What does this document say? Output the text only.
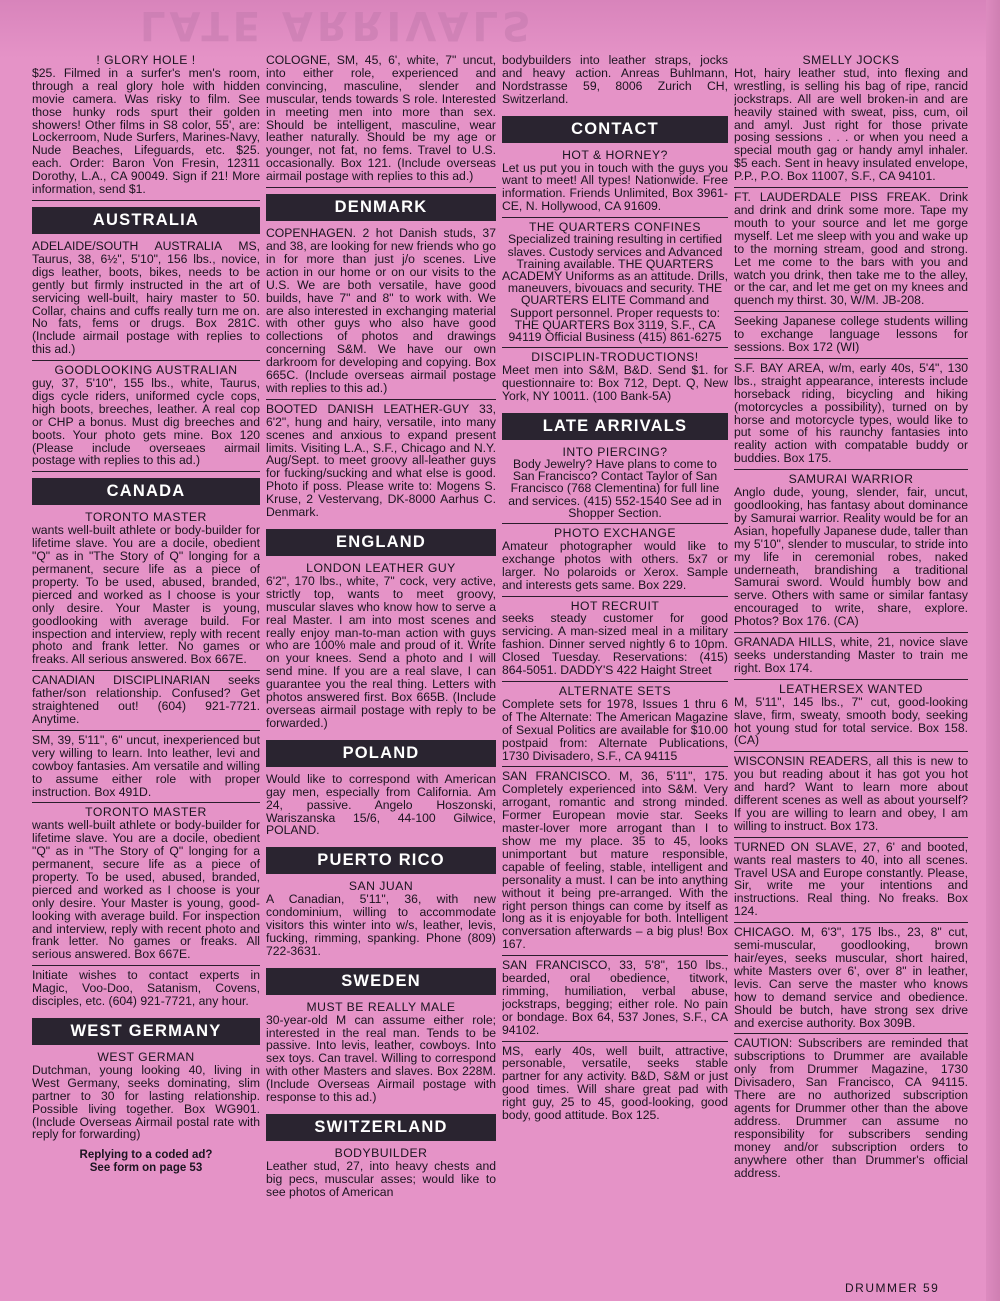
LATE ARRIVALS
! GLORY HOLE !
$25. Filmed in a surfer's men's room, through a real glory hole with hidden movie camera. Was risky to film. See those hunky rods spurt their golden showers! Other films in S8 color, 55', are: Lockerroom, Nude Surfers, Marines-Navy, Nude Beaches, Lifeguards, etc. $25. each. Order: Baron Von Fresin, 12311 Dorothy, L.A., CA 90049. Sign if 21! More information, send $1.
AUSTRALIA
ADELAIDE/SOUTH AUSTRALIA MS, Taurus, 38, 6½", 5'10", 156 lbs., novice, digs leather, boots, bikes, needs to be gently but firmly instructed in the art of servicing well-built, hairy master to 50. Collar, chains and cuffs really turn me on. No fats, fems or drugs. Box 281C. (Include airmail postage with replies to this ad.)
GOODLOOKING AUSTRALIAN
guy, 37, 5'10", 155 lbs., white, Taurus, digs cycle riders, uniformed cycle cops, high boots, breeches, leather. A real cop or CHP a bonus. Must dig breeches and boots. Your photo gets mine. Box 120 (Please include overseaes airmail postage with replies to this ad.)
CANADA
TORONTO MASTER
wants well-built athlete or body-builder for lifetime slave. You are a docile, obedient "Q" as in "The Story of Q" longing for a permanent, secure life as a piece of property. To be used, abused, branded, pierced and worked as I choose is your only desire. Your Master is young, goodlooking with average build. For inspection and interview, reply with recent photo and frank letter. No games or freaks. All serious answered. Box 667E.
CANADIAN DISCIPLINARIAN seeks father/son relationship. Confused? Get straightened out! (604) 921-7721. Anytime.
SM, 39, 5'11", 6" uncut, inexperienced but very willing to learn. Into leather, levi and cowboy fantasies. Am versatile and willing to assume either role with proper instruction. Box 491D.
TORONTO MASTER
wants well-built athlete or body-builder for lifetime slave. You are a docile, obedient "Q" as in "The Story of Q" longing for a permanent, secure life as a piece of property. To be used, abused, branded, pierced and worked as I choose is your only desire. Your Master is young, good-looking with average build. For inspection and interview, reply with recent photo and frank letter. No games or freaks. All serious answered. Box 667E.
Initiate wishes to contact experts in Magic, Voo-Doo, Satanism, Covens, disciples, etc. (604) 921-7721, any hour.
WEST GERMANY
WEST GERMAN
Dutchman, young looking 40, living in West Germany, seeks dominating, slim partner to 30 for lasting relationship. Possible living together. Box WG901. (Include Overseas Airmail postal rate with reply for forwarding)
Replying to a coded ad?
See form on page 53
COLOGNE, SM, 45, 6', white, 7" uncut, into either role, experienced and convincing, masculine, slender and muscular, tends towards S role. Interested in meeting men into more than sex. Should be intelligent, masculine, wear leather naturally. Should be my age or younger, not fat, no fems. Travel to U.S. occasionally. Box 121. (Include overseas airmail postage with replies to this ad.)
DENMARK
COPENHAGEN. 2 hot Danish studs, 37 and 38, are looking for new friends who go in for more than just j/o scenes. Live action in our home or on our visits to the U.S. We are both versatile, have good builds, have 7" and 8" to work with. We are also interested in exchanging material with other guys who also have good collections of photos and drawings concerning S&M. We have our own darkroom for developing and copying. Box 665C. (Include overseas airmail postage with replies to this ad.)
BOOTED DANISH LEATHER-GUY 33, 6'2", hung and hairy, versatile, into many scenes and anxious to expand present limits. Visiting L.A., S.F., Chicago and N.Y. Aug/Sept. to meet groovy all-leather guys for fucking/sucking and what else is good. Photo if poss. Please write to: Mogens S. Kruse, 2 Vestervang, DK-8000 Aarhus C. Denmark.
ENGLAND
LONDON LEATHER GUY
6'2", 170 lbs., white, 7" cock, very active, strictly top, wants to meet groovy, muscular slaves who know how to serve a real Master. I am into most scenes and really enjoy man-to-man action with guys who are 100% male and proud of it. Write on your knees. Send a photo and I will send mine. If you are a real slave, I can guarantee you the real thing. Letters with photos answered first. Box 665B. (Include overseas airmail postage with reply to be forwarded.)
POLAND
Would like to correspond with American gay men, especially from California. Am 24, passive. Angelo Hoszonski, Wariszanska 15/6, 44-100 Gilwice, POLAND.
PUERTO RICO
SAN JUAN
A Canadian, 5'11", 36, with new condominium, willing to accommodate visitors this winter into w/s, leather, levis, fucking, rimming, spanking. Phone (809) 722-3631.
SWEDEN
MUST BE REALLY MALE
30-year-old M can assume either role; interested in the real man. Tends to be passive. Into levis, leather, cowboys. Into sex toys. Can travel. Willing to correspond with other Masters and slaves. Box 228M. (Include Overseas Airmail postage with response to this ad.)
SWITZERLAND
BODYBUILDER
Leather stud, 27, into heavy chests and big pecs, muscular asses; would like to see photos of American
bodybuilders into leather straps, jocks and heavy action. Anreas Buhlmann, Nordstrasse 59, 8006 Zurich CH, Switzerland.
CONTACT
HOT & HORNEY?
Let us put you in touch with the guys you want to meet! All types! Nationwide. Free information. Friends Unlimited, Box 3961-CE, N. Hollywood, CA 91609.
THE QUARTERS CONFINES
Specialized training resulting in certified slaves. Custody services and Advanced Training available. THE QUARTERS ACADEMY Uniforms as an attitude. Drills, maneuvers, bivouacs and security. THE QUARTERS ELITE Command and Support personnel. Proper requests to: THE QUARTERS Box 3119, S.F., CA 94119 Official Business (415) 861-6275
DISCIPLIN-TRODUCTIONS!
Meet men into S&M, B&D. Send $1. for questionnaire to: Box 712, Dept. Q, New York, NY 10011. (100 Bank-5A)
LATE ARRIVALS
INTO PIERCING?
Body Jewelry? Have plans to come to San Francisco? Contact Taylor of San Francisco (768 Clementina) for full line and services. (415) 552-1540 See ad in Shopper Section.
PHOTO EXCHANGE
Amateur photographer would like to exchange photos with others. 5x7 or larger. No polaroids or Xerox. Sample and interests gets same. Box 229.
HOT RECRUIT
seeks steady customer for good servicing. A man-sized meal in a military fashion. Dinner served nightly 6 to 10pm. Closed Tuesday. Reservations: (415) 864-5051. DADDY'S 422 Haight Street
ALTERNATE SETS
Complete sets for 1978, Issues 1 thru 6 of The Alternate: The American Magazine of Sexual Politics are available for $10.00 postpaid from: Alternate Publications, 1730 Divisadero, S.F., CA 94115
SAN FRANCISCO. M, 36, 5'11", 175. Completely experienced into S&M. Very arrogant, romantic and strong minded. Former European movie star. Seeks master-lover more arrogant than I to show me my place. 35 to 45, looks unimportant but mature responsible, capable of feeling, stable, intelligent and personality a must. I can be into anything without it being pre-arranged. With the right person things can come by itself as long as it is enjoyable for both. Intelligent conversation afterwards – a big plus! Box 167.
SAN FRANCISCO, 33, 5'8", 150 lbs., bearded, oral obedience, titwork, rimming, humiliation, verbal abuse, jockstraps, begging; either role. No pain or bondage. Box 64, 537 Jones, S.F., CA 94102.
MS, early 40s, well built, attractive, personable, versatile, seeks stable partner for any activity. B&D, S&M or just good times. Will share great pad with right guy, 25 to 45, good-looking, good body, good attitude. Box 125.
SMELLY JOCKS
Hot, hairy leather stud, into flexing and wrestling, is selling his bag of ripe, rancid jockstraps. All are well broken-in and are heavily stained with sweat, piss, cum, oil and amyl. Just right for those private posing sessions . . . or when you need a special mouth gag or handy amyl inhaler. $5 each. Sent in heavy insulated envelope, P.P., P.O. Box 11007, S.F., CA 94101.
FT. LAUDERDALE PISS FREAK. Drink and drink and drink some more. Tape my mouth to your source and let me gorge myself. Let me sleep with you and wake up to the morning stream, good and strong. Let me come to the bars with you and watch you drink, then take me to the alley, or the car, and let me get on my knees and quench my thirst. 30, W/M. JB-208.
Seeking Japanese college students willing to exchange language lessons for sessions. Box 172 (WI)
S.F. BAY AREA, w/m, early 40s, 5'4", 130 lbs., straight appearance, interests include horseback riding, bicycling and hiking (motorcycles a possibility), turned on by horse and motorcycle types, would like to put some of his raunchy fantasies into reality action with compatable buddy or buddies. Box 175.
SAMURAI WARRIOR
Anglo dude, young, slender, fair, uncut, goodlooking, has fantasy about dominance by Samurai warrior. Reality would be for an Asian, hopefully Japanese dude, taller than my 5'10", slender to muscular, to stride into my life in ceremonial robes, naked underneath, brandishing a traditional Samurai sword. Would humbly bow and serve. Others with same or similar fantasy encouraged to write, share, explore. Photos? Box 176. (CA)
GRANADA HILLS, white, 21, novice slave seeks understanding Master to train me right. Box 174.
LEATHERSEX WANTED
M, 5'11", 145 lbs., 7" cut, good-looking slave, firm, sweaty, smooth body, seeking hot young stud for total service. Box 158. (CA)
WISCONSIN READERS, all this is new to you but reading about it has got you hot and hard? Want to learn more about different scenes as well as about yourself? If you are willing to learn and obey, I am willing to instruct. Box 173.
TURNED ON SLAVE, 27, 6' and booted, wants real masters to 40, into all scenes. Travel USA and Europe constantly. Please, Sir, write me your intentions and instructions. Real thing. No freaks. Box 124.
CHICAGO. M, 6'3", 175 lbs., 23, 8" cut, semi-muscular, goodlooking, brown hair/eyes, seeks muscular, short haired, white Masters over 6', over 8" in leather, levis. Can serve the master who knows how to demand service and obedience. Should be butch, have strong sex drive and exercise authority. Box 309B.
CAUTION: Subscribers are reminded that subscriptions to Drummer are available only from Drummer Magazine, 1730 Divisadero, San Francisco, CA 94115. There are no authorized subscription agents for Drummer other than the above address. Drummer can assume no responsibility for subscribers sending money and/or subscription orders to anywhere other than Drummer's official address.
DRUMMER 59
